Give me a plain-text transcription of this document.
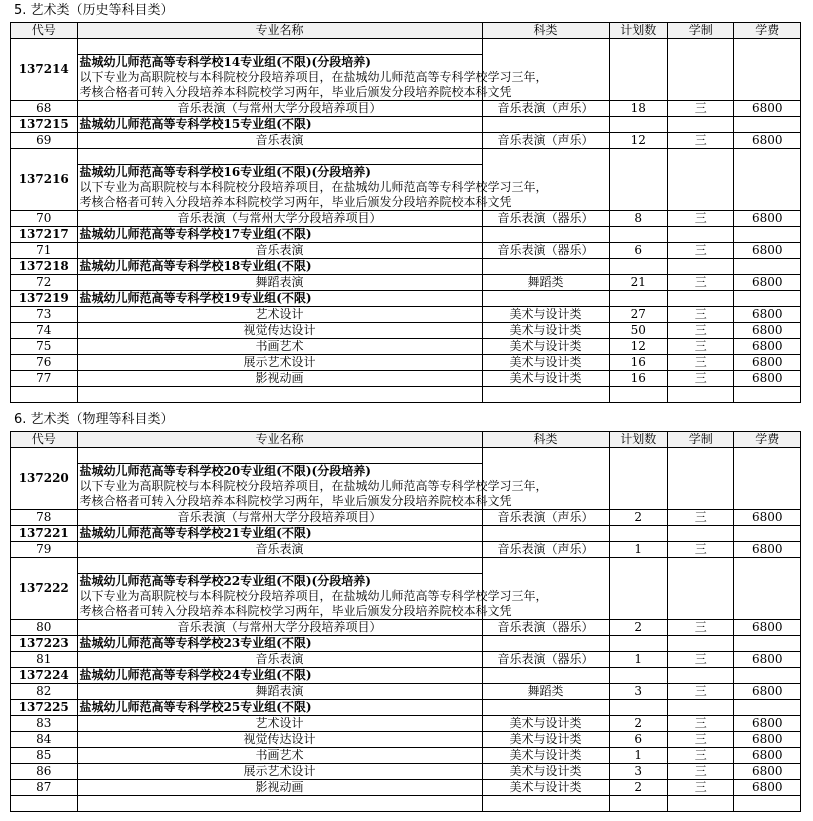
5. 艺术类（历史等科目类）
代号	专业名称	科类	计划数	学制	学费
137214					
	盐城幼儿师范高等专科学校14专业组(不限)(分段培养)				
	以下专业为高职院校与本科院校分段培养项目，在盐城幼儿师范高等专科学校学习三年，				
	考核合格者可转入分段培养本科院校学习两年，毕业后颁发分段培养院校本科文凭				
68	音乐表演（与常州大学分段培养项目）	音乐表演（声乐）	18	三	6800
137215	盐城幼儿师范高等专科学校15专业组(不限)				
69	音乐表演	音乐表演（声乐）	12	三	6800
137216					
	盐城幼儿师范高等专科学校16专业组(不限)(分段培养)				
	以下专业为高职院校与本科院校分段培养项目，在盐城幼儿师范高等专科学校学习三年，				
	考核合格者可转入分段培养本科院校学习两年，毕业后颁发分段培养院校本科文凭				
70	音乐表演（与常州大学分段培养项目）	音乐表演（器乐）	8	三	6800
137217	盐城幼儿师范高等专科学校17专业组(不限)				
71	音乐表演	音乐表演（器乐）	6	三	6800
137218	盐城幼儿师范高等专科学校18专业组(不限)				
72	舞蹈表演	舞蹈类	21	三	6800
137219	盐城幼儿师范高等专科学校19专业组(不限)				
73	艺术设计	美术与设计类	27	三	6800
74	视觉传达设计	美术与设计类	50	三	6800
75	书画艺术	美术与设计类	12	三	6800
76	展示艺术设计	美术与设计类	16	三	6800
77	影视动画	美术与设计类	16	三	6800

6. 艺术类（物理等科目类）
代号	专业名称	科类	计划数	学制	学费
137220					
	盐城幼儿师范高等专科学校20专业组(不限)(分段培养)				
	以下专业为高职院校与本科院校分段培养项目，在盐城幼儿师范高等专科学校学习三年，				
	考核合格者可转入分段培养本科院校学习两年，毕业后颁发分段培养院校本科文凭				
78	音乐表演（与常州大学分段培养项目）	音乐表演（声乐）	2	三	6800
137221	盐城幼儿师范高等专科学校21专业组(不限)				
79	音乐表演	音乐表演（声乐）	1	三	6800
137222					
	盐城幼儿师范高等专科学校22专业组(不限)(分段培养)				
	以下专业为高职院校与本科院校分段培养项目，在盐城幼儿师范高等专科学校学习三年，				
	考核合格者可转入分段培养本科院校学习两年，毕业后颁发分段培养院校本科文凭				
80	音乐表演（与常州大学分段培养项目）	音乐表演（器乐）	2	三	6800
137223	盐城幼儿师范高等专科学校23专业组(不限)				
81	音乐表演	音乐表演（器乐）	1	三	6800
137224	盐城幼儿师范高等专科学校24专业组(不限)				
82	舞蹈表演	舞蹈类	3	三	6800
137225	盐城幼儿师范高等专科学校25专业组(不限)				
83	艺术设计	美术与设计类	2	三	6800
84	视觉传达设计	美术与设计类	6	三	6800
85	书画艺术	美术与设计类	1	三	6800
86	展示艺术设计	美术与设计类	3	三	6800
87	影视动画	美术与设计类	2	三	6800
